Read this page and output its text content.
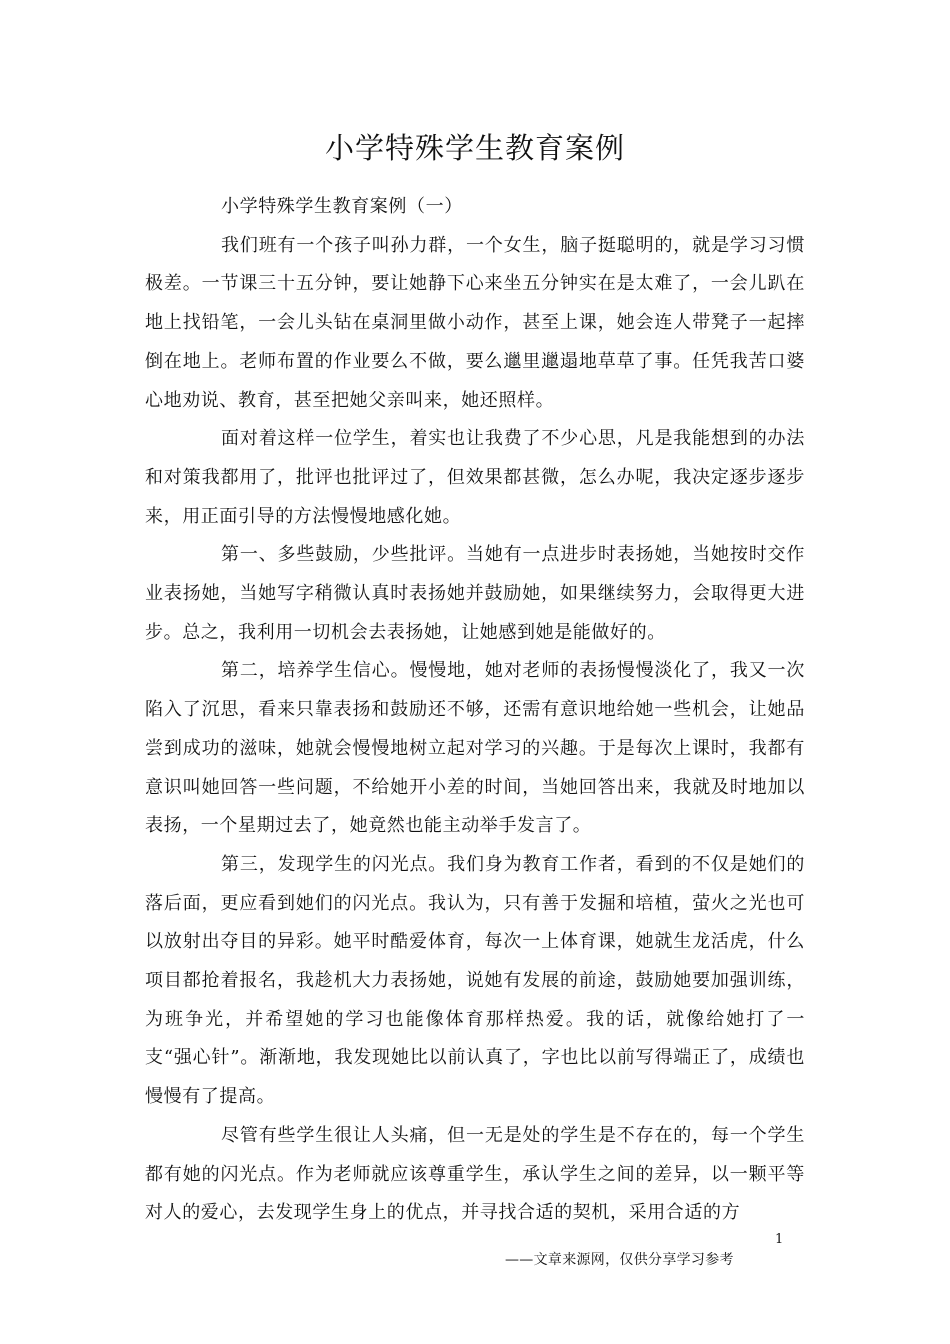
小学特殊学生教育案例

小学特殊学生教育案例（一）

我们班有一个孩子叫孙力群，一个女生，脑子挺聪明的，就是学习习惯极差。一节课三十五分钟，要让她静下心来坐五分钟实在是太难了，一会儿趴在地上找铅笔，一会儿头钻在桌洞里做小动作，甚至上课，她会连人带凳子一起摔倒在地上。老师布置的作业要么不做，要么邋里邋遢地草草了事。任凭我苦口婆心地劝说、教育，甚至把她父亲叫来，她还照样。

面对着这样一位学生，着实也让我费了不少心思，凡是我能想到的办法和对策我都用了，批评也批评过了，但效果都甚微，怎么办呢，我决定逐步逐步来，用正面引导的方法慢慢地感化她。

第一、多些鼓励，少些批评。当她有一点进步时表扬她，当她按时交作业表扬她，当她写字稍微认真时表扬她并鼓励她，如果继续努力，会取得更大进步。总之，我利用一切机会去表扬她，让她感到她是能做好的。

第二，培养学生信心。慢慢地，她对老师的表扬慢慢淡化了，我又一次陷入了沉思，看来只靠表扬和鼓励还不够，还需有意识地给她一些机会，让她品尝到成功的滋味，她就会慢慢地树立起对学习的兴趣。于是每次上课时，我都有意识叫她回答一些问题，不给她开小差的时间，当她回答出来，我就及时地加以表扬，一个星期过去了，她竟然也能主动举手发言了。

第三，发现学生的闪光点。我们身为教育工作者，看到的不仅是她们的落后面，更应看到她们的闪光点。我认为，只有善于发掘和培植，萤火之光也可以放射出夺目的异彩。她平时酷爱体育，每次一上体育课，她就生龙活虎，什么项目都抢着报名，我趁机大力表扬她，说她有发展的前途，鼓励她要加强训练，为班争光，并希望她的学习也能像体育那样热爱。我的话，就像给她打了一支“强心针”。渐渐地，我发现她比以前认真了，字也比以前写得端正了，成绩也慢慢有了提高。

尽管有些学生很让人头痛，但一无是处的学生是不存在的，每一个学生都有她的闪光点。作为老师就应该尊重学生，承认学生之间的差异，以一颗平等对人的爱心，去发现学生身上的优点，并寻找合适的契机，采用合适的方

1
——文章来源网，仅供分享学习参考
